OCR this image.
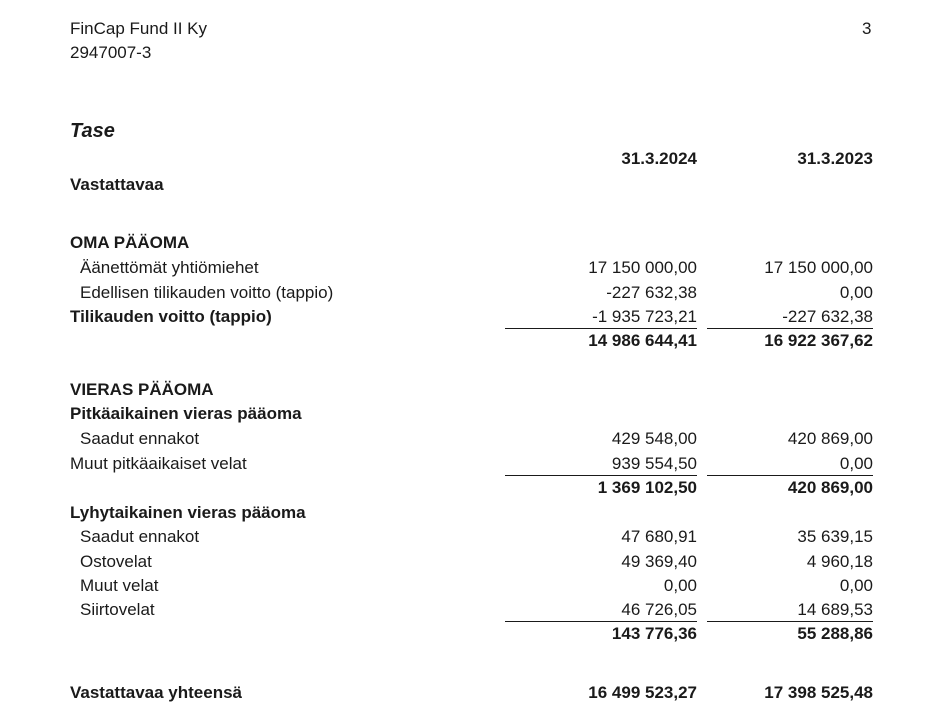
FinCap Fund II Ky
2947007-3
3
Tase
31.3.2024	31.3.2023
Vastattavaa
OMA PÄÄOMA
Äänettömät yhtiömiehet	17 150 000,00	17 150 000,00
Edellisen tilikauden voitto (tappio)	-227 632,38	0,00
Tilikauden voitto (tappio)	-1 935 723,21	-227 632,38
14 986 644,41	16 922 367,62
VIERAS PÄÄOMA
Pitkäaikainen vieras pääoma
Saadut ennakot	429 548,00	420 869,00
Muut pitkäaikaiset velat	939 554,50	0,00
1 369 102,50	420 869,00
Lyhytaikainen vieras pääoma
Saadut ennakot	47 680,91	35 639,15
Ostovelat	49 369,40	4 960,18
Muut velat	0,00	0,00
Siirtovelat	46 726,05	14 689,53
143 776,36	55 288,86
Vastattavaa yhteensä	16 499 523,27	17 398 525,48
